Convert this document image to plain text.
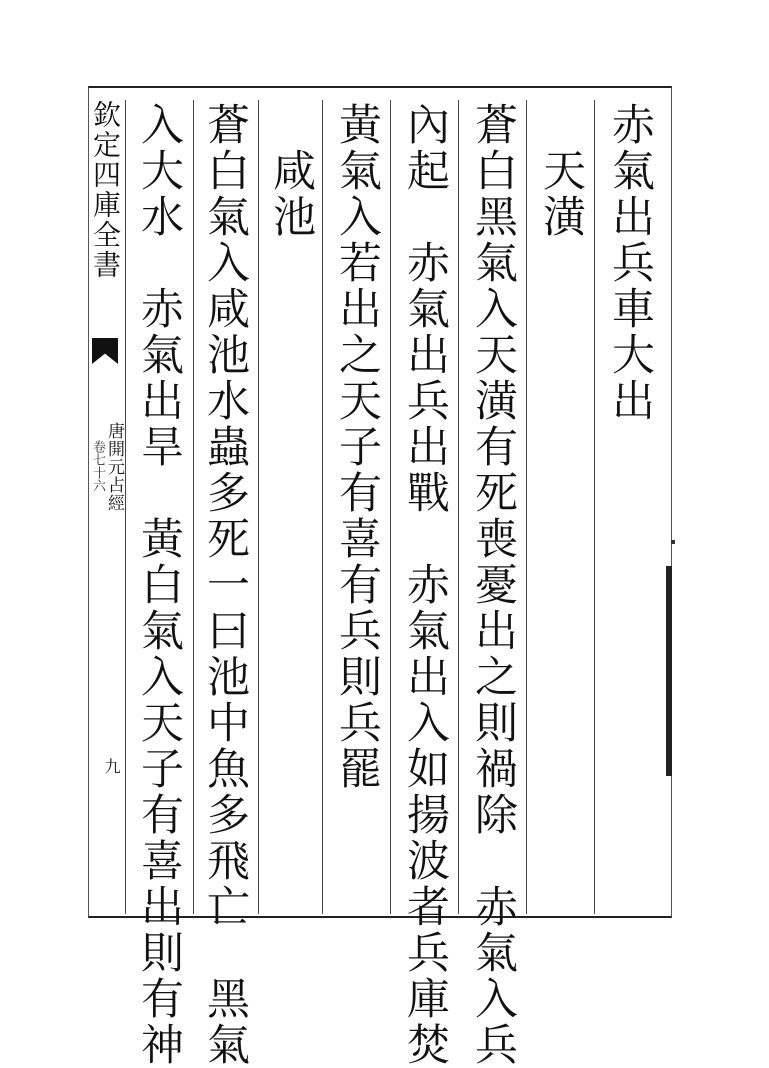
欽定四庫全書
唐開元占經
卷七十六
九
赤氣出兵車大出
　天潢
蒼白黑氣入天潢有死喪憂出之則禍除　赤氣入兵
內起　赤氣出兵出戰　赤氣出入如揚波者兵庫焚
黃氣入若出之天子有喜有兵則兵罷
　咸池
蒼白氣入咸池水蟲多死一曰池中魚多飛亡　黑氣
入大水　赤氣出旱　黃白氣入天子有喜出則有神
